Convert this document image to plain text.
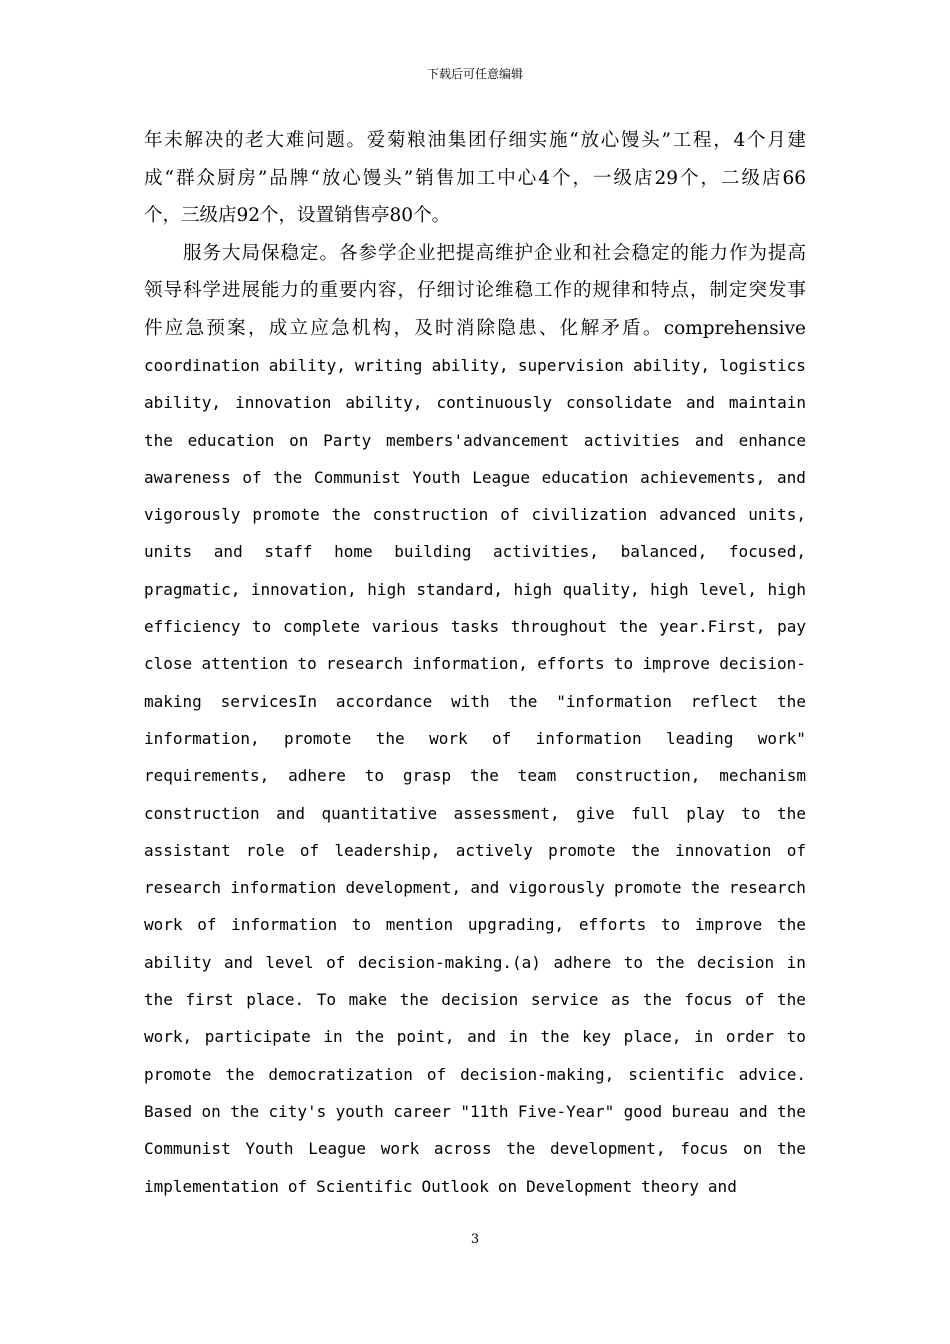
下载后可任意编辑
年未解决的老大难问题。爱菊粮油集团仔细实施“放心馒头”工程，4个月建
成“群众厨房”品牌“放心馒头”销售加工中心4个，一级店29个，二级店66
个，三级店92个，设置销售亭80个。
　　服务大局保稳定。各参学企业把提高维护企业和社会稳定的能力作为提高
领导科学进展能力的重要内容，仔细讨论维稳工作的规律和特点，制定突发事
件应急预案，成立应急机构，及时消除隐患、化解矛盾。comprehensive
coordination ability, writing ability, supervision ability, logistics
ability, innovation ability, continuously consolidate and maintain
the education on Party members'advancement activities and enhance
awareness of the Communist Youth League education achievements, and
vigorously promote the construction of civilization advanced units,
units and staff home building activities, balanced, focused,
pragmatic, innovation, high standard, high quality, high level, high
efficiency to complete various tasks throughout the year.First, pay
close attention to research information, efforts to improve decision-
making servicesIn accordance with the "information reflect the
information, promote the work of information leading work"
requirements, adhere to grasp the team construction, mechanism
construction and quantitative assessment, give full play to the
assistant role of leadership, actively promote the innovation of
research information development, and vigorously promote the research
work of information to mention upgrading, efforts to improve the
ability and level of decision-making.(a) adhere to the decision in
the first place. To make the decision service as the focus of the
work, participate in the point, and in the key place, in order to
promote the democratization of decision-making, scientific advice.
Based on the city's youth career "11th Five-Year" good bureau and the
Communist Youth League work across the development, focus on the
implementation of Scientific Outlook on Development theory and
3
